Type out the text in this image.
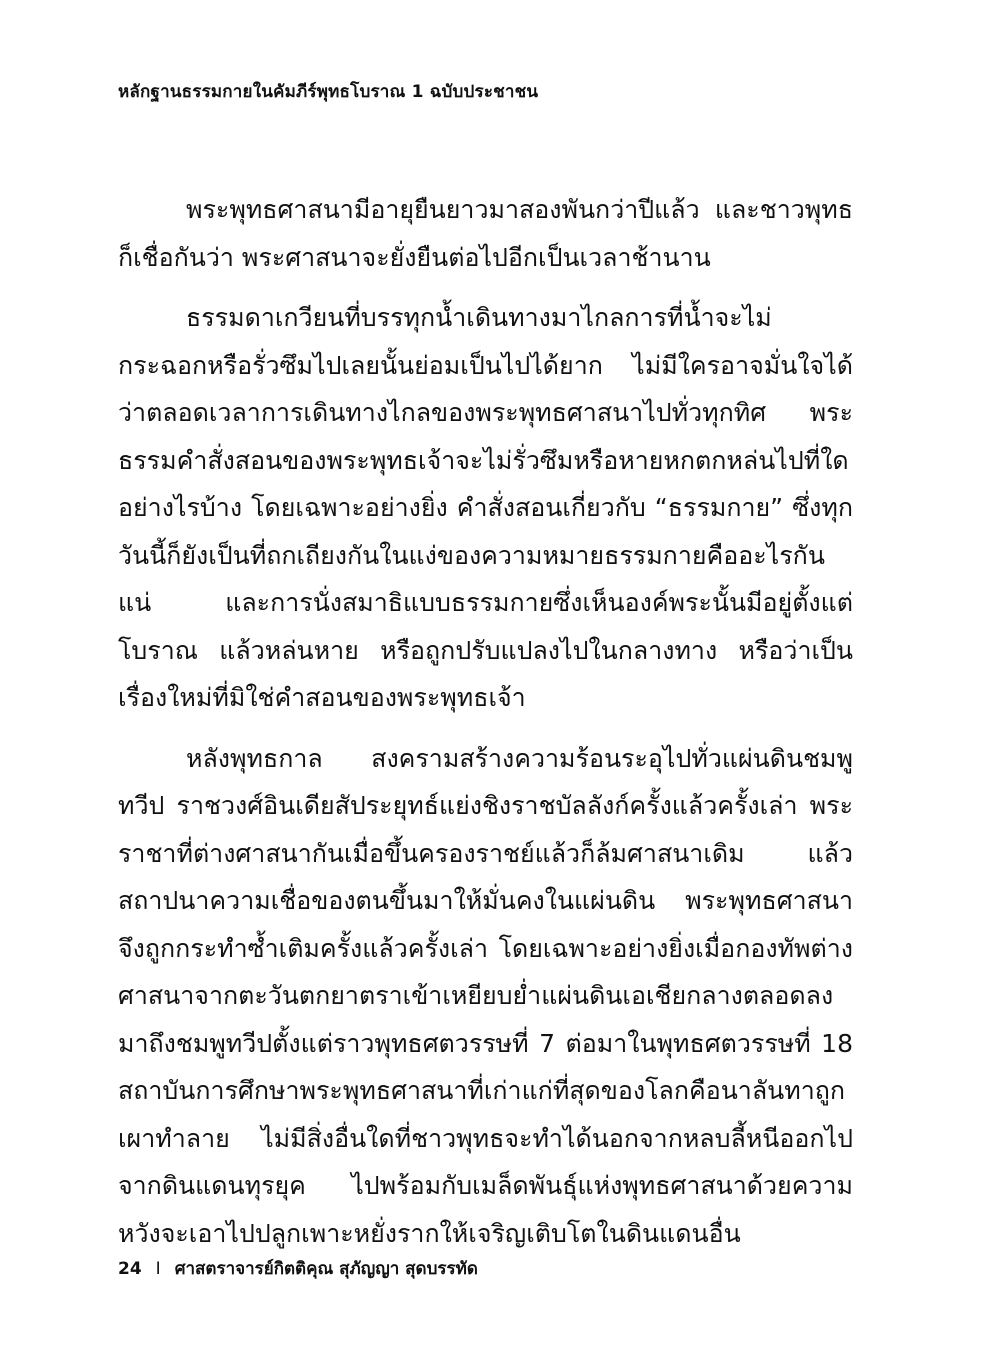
หลักฐานธรรมกายในคัมภีร์พุทธโบราณ 1 ฉบับประชาชน

พระพุทธศาสนามีอายุยืนยาวมาสองพันกว่าปีแล้ว และชาวพุทธก็เชื่อกันว่า พระศาสนาจะยั่งยืนต่อไปอีกเป็นเวลาช้านาน

ธรรมดาเกวียนที่บรรทุกน้ำเดินทางมาไกลการที่น้ำจะไม่กระฉอกหรือรั่วซึมไปเลยนั้นย่อมเป็นไปได้ยาก ไม่มีใครอาจมั่นใจได้ว่าตลอดเวลาการเดินทางไกลของพระพุทธศาสนาไปทั่วทุกทิศ พระธรรมคำสั่งสอนของพระพุทธเจ้าจะไม่รั่วซึมหรือหายหกตกหล่นไปที่ใดอย่างไรบ้าง โดยเฉพาะอย่างยิ่ง คำสั่งสอนเกี่ยวกับ “ธรรมกาย” ซึ่งทุกวันนี้ก็ยังเป็นที่ถกเถียงกันในแง่ของความหมายธรรมกายคืออะไรกันแน่ และการนั่งสมาธิแบบธรรมกายซึ่งเห็นองค์พระนั้นมีอยู่ตั้งแต่โบราณ แล้วหล่นหาย หรือถูกปรับแปลงไปในกลางทาง หรือว่าเป็นเรื่องใหม่ที่มิใช่คำสอนของพระพุทธเจ้า

หลังพุทธกาล สงครามสร้างความร้อนระอุไปทั่วแผ่นดินชมพูทวีป ราชวงศ์อินเดียสัประยุทธ์แย่งชิงราชบัลลังก์ครั้งแล้วครั้งเล่า พระราชาที่ต่างศาสนากันเมื่อขึ้นครองราชย์แล้วก็ล้มศาสนาเดิม แล้วสถาปนาความเชื่อของตนขึ้นมาให้มั่นคงในแผ่นดิน พระพุทธศาสนาจึงถูกกระทำซ้ำเติมครั้งแล้วครั้งเล่า โดยเฉพาะอย่างยิ่งเมื่อกองทัพต่างศาสนาจากตะวันตกยาตราเข้าเหยียบย่ำแผ่นดินเอเชียกลางตลอดลงมาถึงชมพูทวีปตั้งแต่ราวพุทธศตวรรษที่ 7 ต่อมาในพุทธศตวรรษที่ 18 สถาบันการศึกษาพระพุทธศาสนาที่เก่าแก่ที่สุดของโลกคือนาลันทาถูกเผาทำลาย ไม่มีสิ่งอื่นใดที่ชาวพุทธจะทำได้นอกจากหลบลี้หนีออกไปจากดินแดนทุรยุค ไปพร้อมกับเมล็ดพันธุ์แห่งพุทธศาสนาด้วยความหวังจะเอาไปปลูกเพาะหยั่งรากให้เจริญเติบโตในดินแดนอื่น

24 I ศาสตราจารย์กิตติคุณ สุภัญญา สุดบรรทัด
